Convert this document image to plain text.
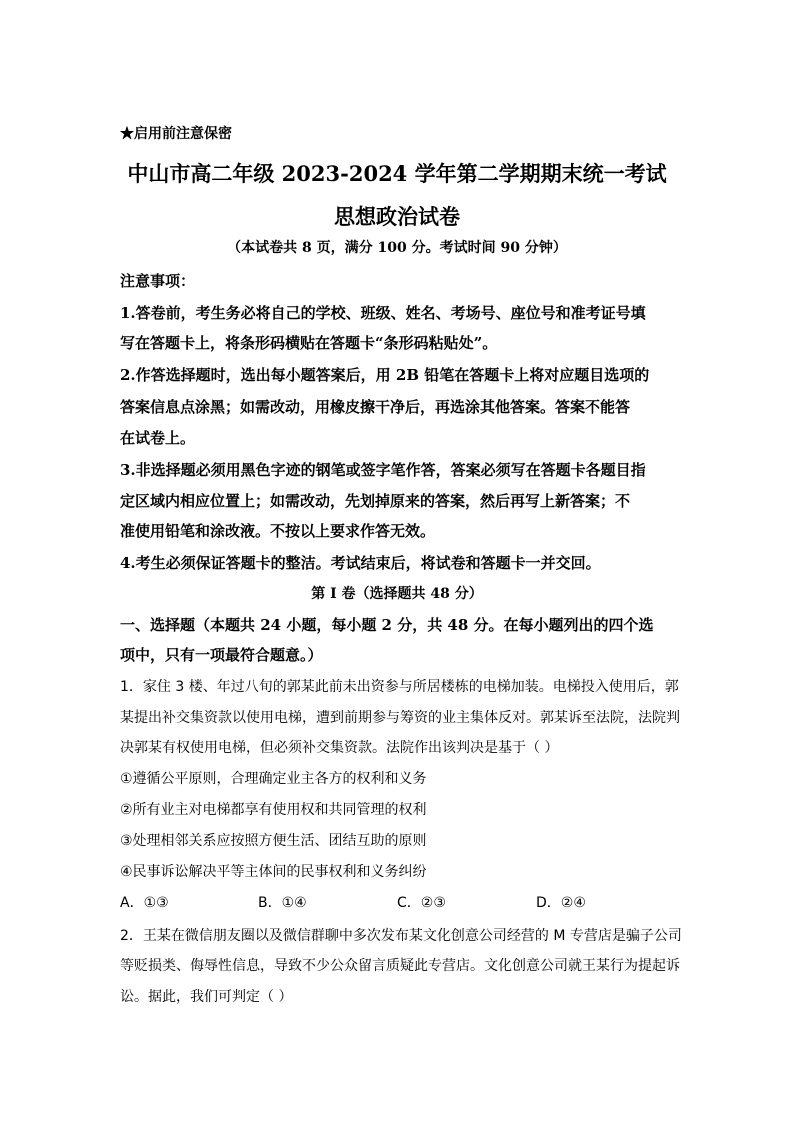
★启用前注意保密
中山市高二年级 2023-2024 学年第二学期期末统一考试
思想政治试卷
（本试卷共 8 页，满分 100 分。考试时间 90 分钟）
注意事项：
1.答卷前，考生务必将自己的学校、班级、姓名、考场号、座位号和准考证号填
写在答题卡上，将条形码横贴在答题卡“条形码粘贴处”。
2.作答选择题时，选出每小题答案后，用 2B 铅笔在答题卡上将对应题目选项的
答案信息点涂黑；如需改动，用橡皮擦干净后，再选涂其他答案。答案不能答
在试卷上。
3.非选择题必须用黑色字迹的钢笔或签字笔作答，答案必须写在答题卡各题目指
定区域内相应位置上；如需改动，先划掉原来的答案，然后再写上新答案；不
准使用铅笔和涂改液。不按以上要求作答无效。
4.考生必须保证答题卡的整洁。考试结束后，将试卷和答题卡一并交回。
第 I 卷（选择题共 48 分）
一、选择题（本题共 24 小题，每小题 2 分，共 48 分。在每小题列出的四个选
项中，只有一项最符合题意。）
1．家住 3 楼、年过八旬的郭某此前未出资参与所居楼栋的电梯加装。电梯投入使用后，郭
某提出补交集资款以使用电梯，遭到前期参与筹资的业主集体反对。郭某诉至法院，法院判
决郭某有权使用电梯，但必须补交集资款。法院作出该判决是基于（ ）
①遵循公平原则，合理确定业主各方的权利和义务
②所有业主对电梯都享有使用权和共同管理的权利
③处理相邻关系应按照方便生活、团结互助的原则
④民事诉讼解决平等主体间的民事权利和义务纠纷
A．①③	B．①④	C．②③	D．②④
2．王某在微信朋友圈以及微信群聊中多次发布某文化创意公司经营的 M 专营店是骗子公司
等贬损类、侮辱性信息，导致不少公众留言质疑此专营店。文化创意公司就王某行为提起诉
讼。据此，我们可判定（ ）
